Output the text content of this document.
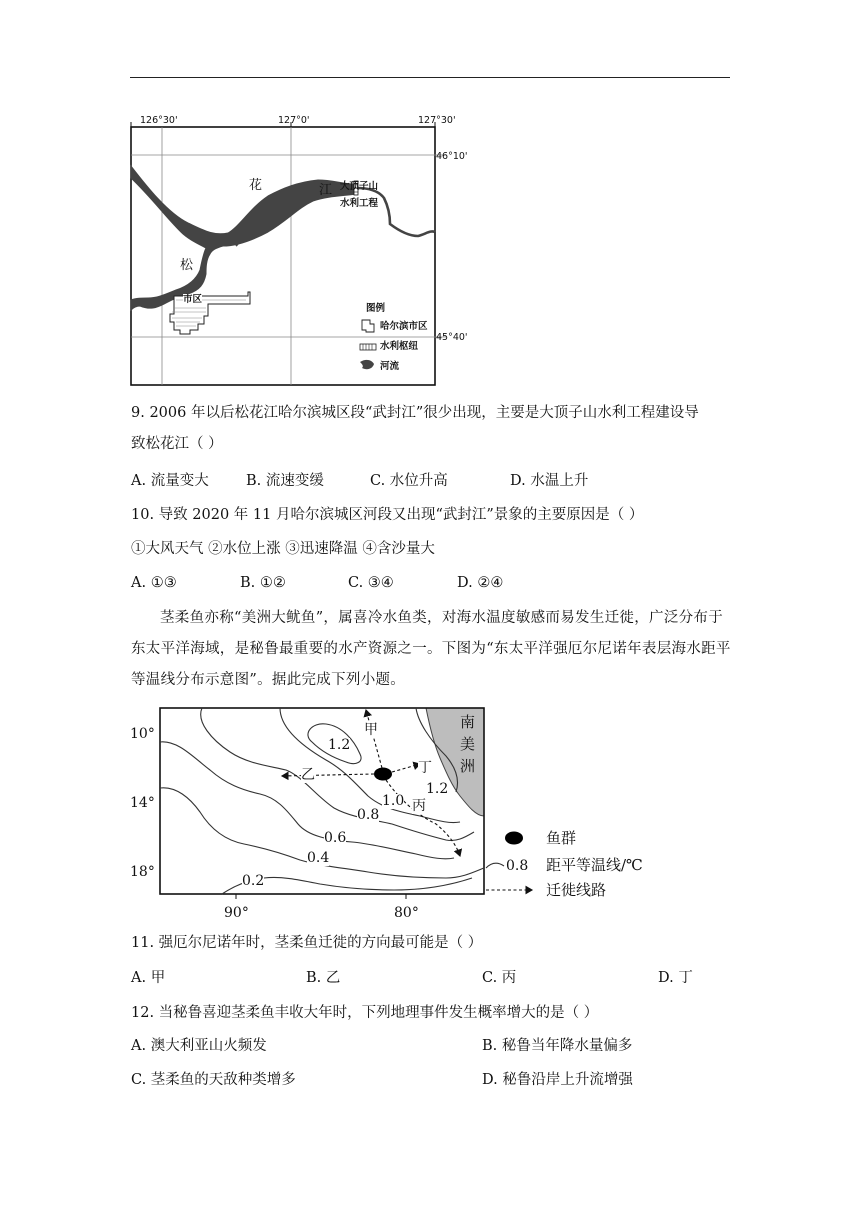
126°30'	127°0'	127°30'
46°10'
45°40'
花	江
松
大顶子山
水利工程
市区
图例
哈尔滨市区
水利枢纽
河流
9. 2006 年以后松花江哈尔滨城区段“武封江”很少出现，主要是大顶子山水利工程建设导
致松花江（ ）
A. 流量变大	B. 流速变缓	C. 水位升高	D. 水温上升
10. 导致 2020 年 11 月哈尔滨城区河段又出现“武封江”景象的主要原因是（ ）
①大风天气 ②水位上涨 ③迅速降温 ④含沙量大
A. ①③	B. ①②	C. ③④	D. ②④
茎柔鱼亦称“美洲大鱿鱼”，属喜冷水鱼类，对海水温度敏感而易发生迁徙，广泛分布于东太平洋海域，是秘鲁最重要的水产资源之一。下图为“东太平洋强厄尔尼诺年表层海水距平等温线分布示意图”。据此完成下列小题。
10°
14°
18°
90°	80°
南
美
洲
1.2
1.2
1.0
0.8
0.6
0.4
0.2
甲
乙
丙
丁
鱼群
0.8 距平等温线/℃
迁徙线路
11. 强厄尔尼诺年时，茎柔鱼迁徙的方向最可能是（ ）
A. 甲	B. 乙	C. 丙	D. 丁
12. 当秘鲁喜迎茎柔鱼丰收大年时，下列地理事件发生概率增大的是（ ）
A. 澳大利亚山火频发	B. 秘鲁当年降水量偏多
C. 茎柔鱼的天敌种类增多	D. 秘鲁沿岸上升流增强
